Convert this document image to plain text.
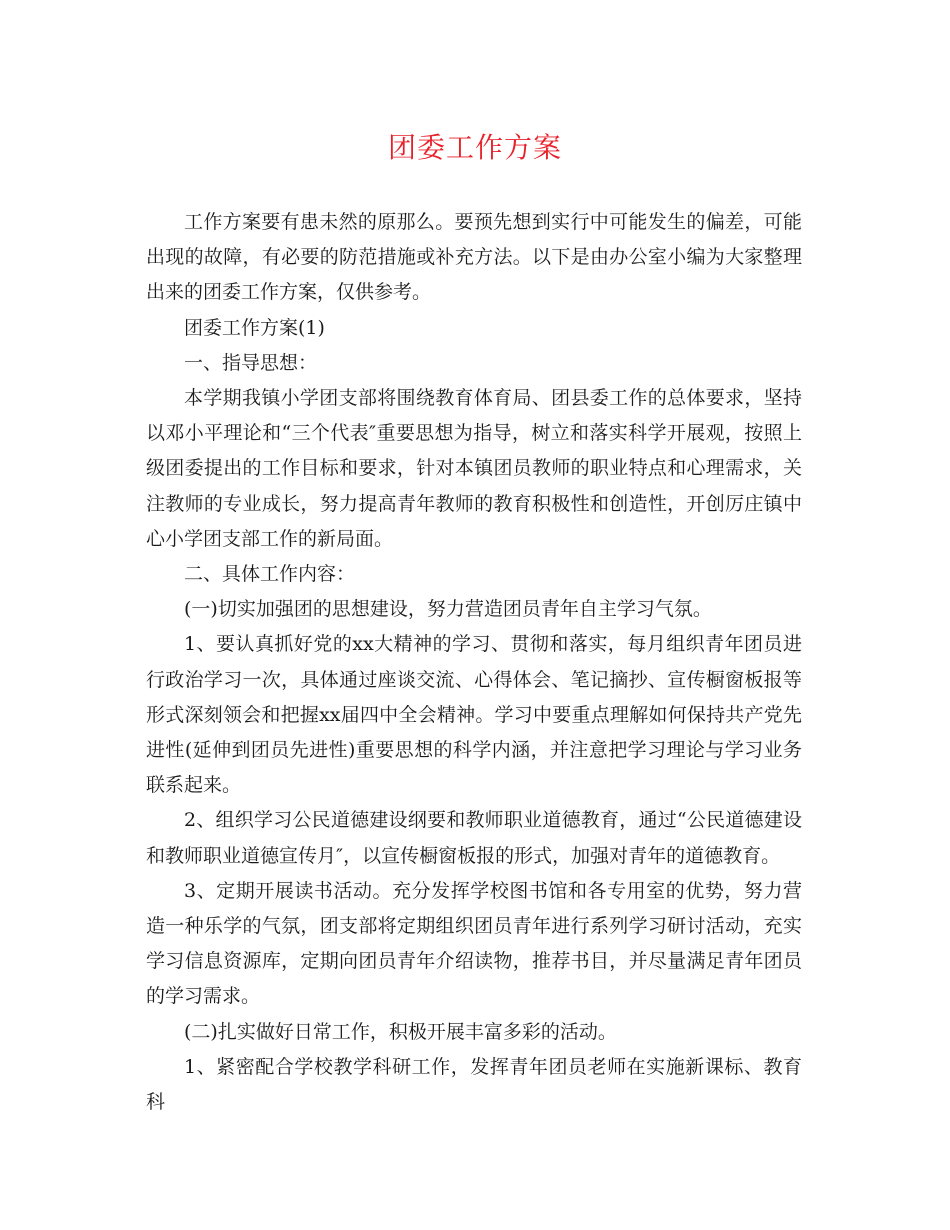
团委工作方案

工作方案要有患未然的原那么。要预先想到实行中可能发生的偏差，可能出现的故障，有必要的防范措施或补充方法。以下是由办公室小编为大家整理出来的团委工作方案，仅供参考。

团委工作方案(1)

一、指导思想：

本学期我镇小学团支部将围绕教育体育局、团县委工作的总体要求，坚持以邓小平理论和“三个代表″重要思想为指导，树立和落实科学开展观，按照上级团委提出的工作目标和要求，针对本镇团员教师的职业特点和心理需求，关注教师的专业成长，努力提高青年教师的教育积极性和创造性，开创厉庄镇中心小学团支部工作的新局面。

二、具体工作内容：

(一)切实加强团的思想建设，努力营造团员青年自主学习气氛。

1、要认真抓好党的xx大精神的学习、贯彻和落实，每月组织青年团员进行政治学习一次，具体通过座谈交流、心得体会、笔记摘抄、宣传橱窗板报等形式深刻领会和把握xx届四中全会精神。学习中要重点理解如何保持共产党先进性(延伸到团员先进性)重要思想的科学内涵，并注意把学习理论与学习业务联系起来。

2、组织学习公民道德建设纲要和教师职业道德教育，通过“公民道德建设和教师职业道德宣传月″，以宣传橱窗板报的形式，加强对青年的道德教育。

3、定期开展读书活动。充分发挥学校图书馆和各专用室的优势，努力营造一种乐学的气氛，团支部将定期组织团员青年进行系列学习研讨活动，充实学习信息资源库，定期向团员青年介绍读物，推荐书目，并尽量满足青年团员的学习需求。

(二)扎实做好日常工作，积极开展丰富多彩的活动。

1、紧密配合学校教学科研工作，发挥青年团员老师在实施新课标、教育科
